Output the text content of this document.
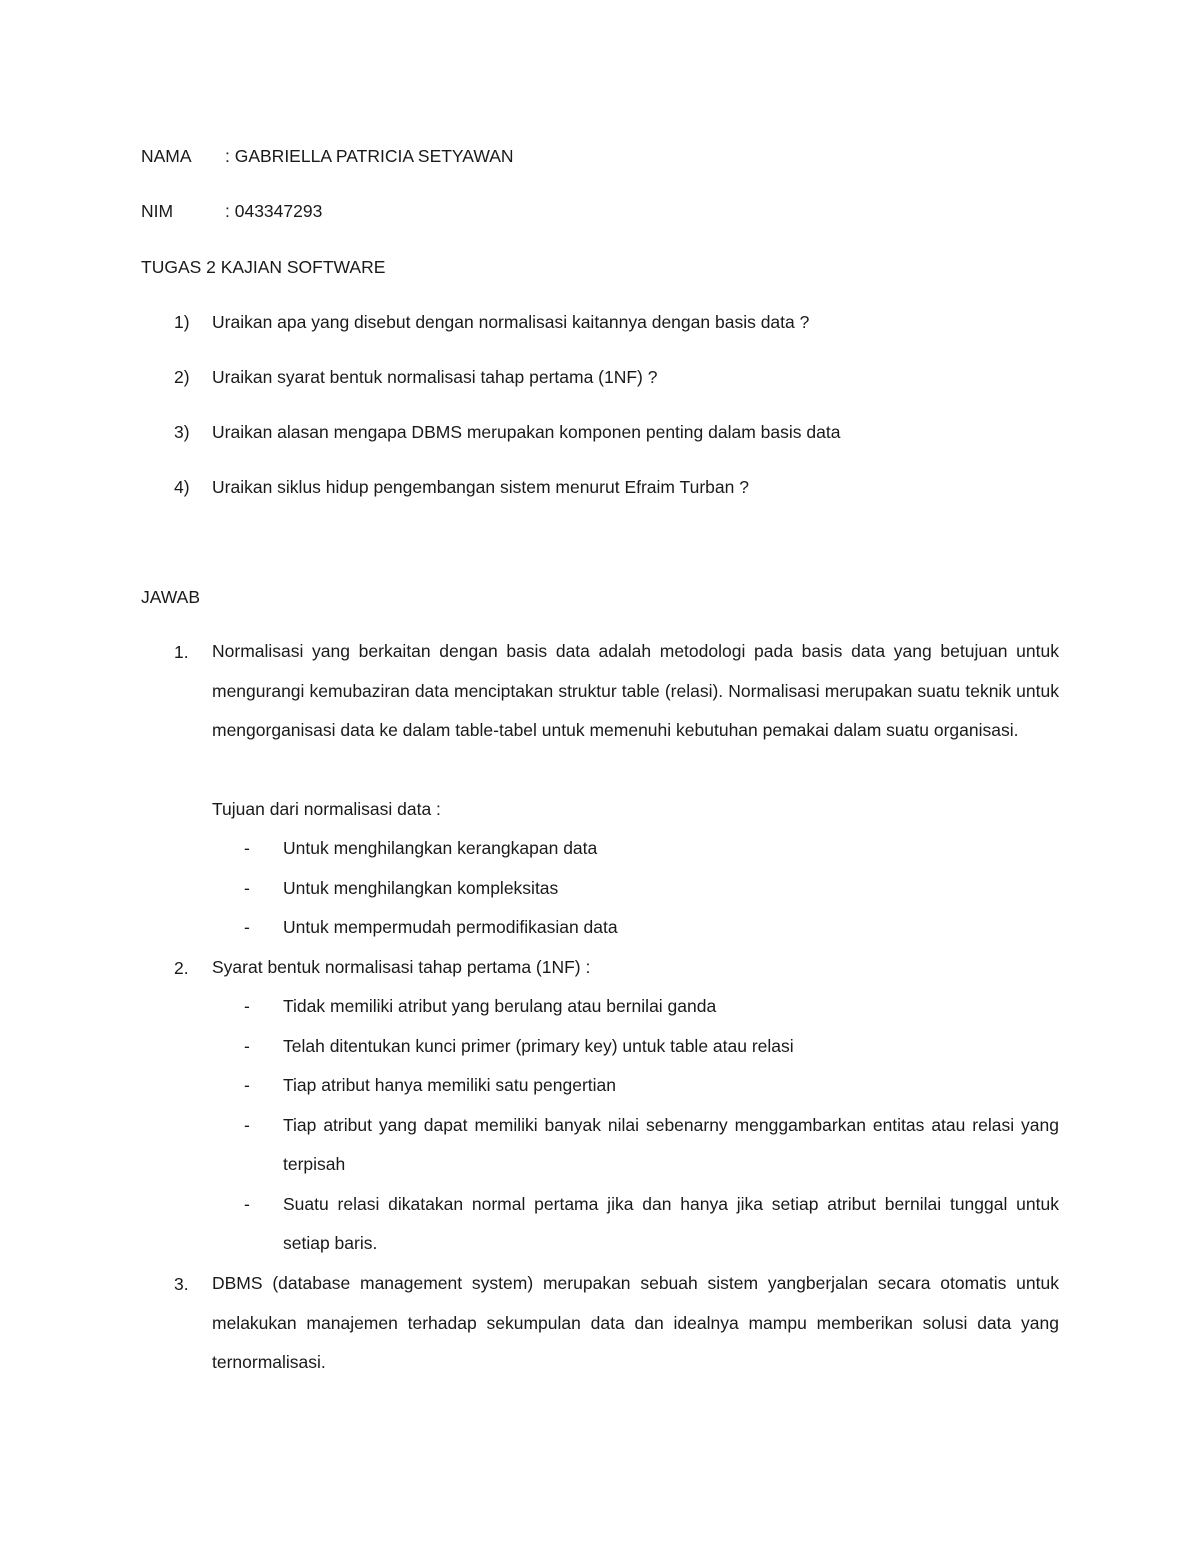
NAMA : GABRIELLA PATRICIA SETYAWAN
NIM	: 043347293
TUGAS 2 KAJIAN SOFTWARE
1)	Uraikan apa yang disebut dengan normalisasi kaitannya dengan basis data ?
2)	Uraikan syarat bentuk normalisasi tahap pertama (1NF) ?
3)	Uraikan alasan mengapa DBMS merupakan komponen penting dalam basis data
4)	Uraikan siklus hidup pengembangan sistem menurut Efraim Turban ?
JAWAB
1.	Normalisasi yang berkaitan dengan basis data adalah metodologi pada basis data yang betujuan untuk mengurangi kemubaziran data menciptakan struktur table (relasi). Normalisasi merupakan suatu teknik untuk mengorganisasi data ke dalam table-tabel untuk memenuhi kebutuhan pemakai dalam suatu organisasi.
Tujuan dari normalisasi data :
- Untuk menghilangkan kerangkapan data
- Untuk menghilangkan kompleksitas
- Untuk mempermudah permodifikasian data
2.	Syarat bentuk normalisasi tahap pertama (1NF) :
- Tidak memiliki atribut yang berulang atau bernilai ganda
- Telah ditentukan kunci primer (primary key) untuk table atau relasi
- Tiap atribut hanya memiliki satu pengertian
- Tiap atribut yang dapat memiliki banyak nilai sebenarny menggambarkan entitas atau relasi yang terpisah
- Suatu relasi dikatakan normal pertama jika dan hanya jika setiap atribut bernilai tunggal untuk setiap baris.
3.	DBMS (database management system) merupakan sebuah sistem yangberjalan secara otomatis untuk melakukan manajemen terhadap sekumpulan data dan idealnya mampu memberikan solusi data yang ternormalisasi.
